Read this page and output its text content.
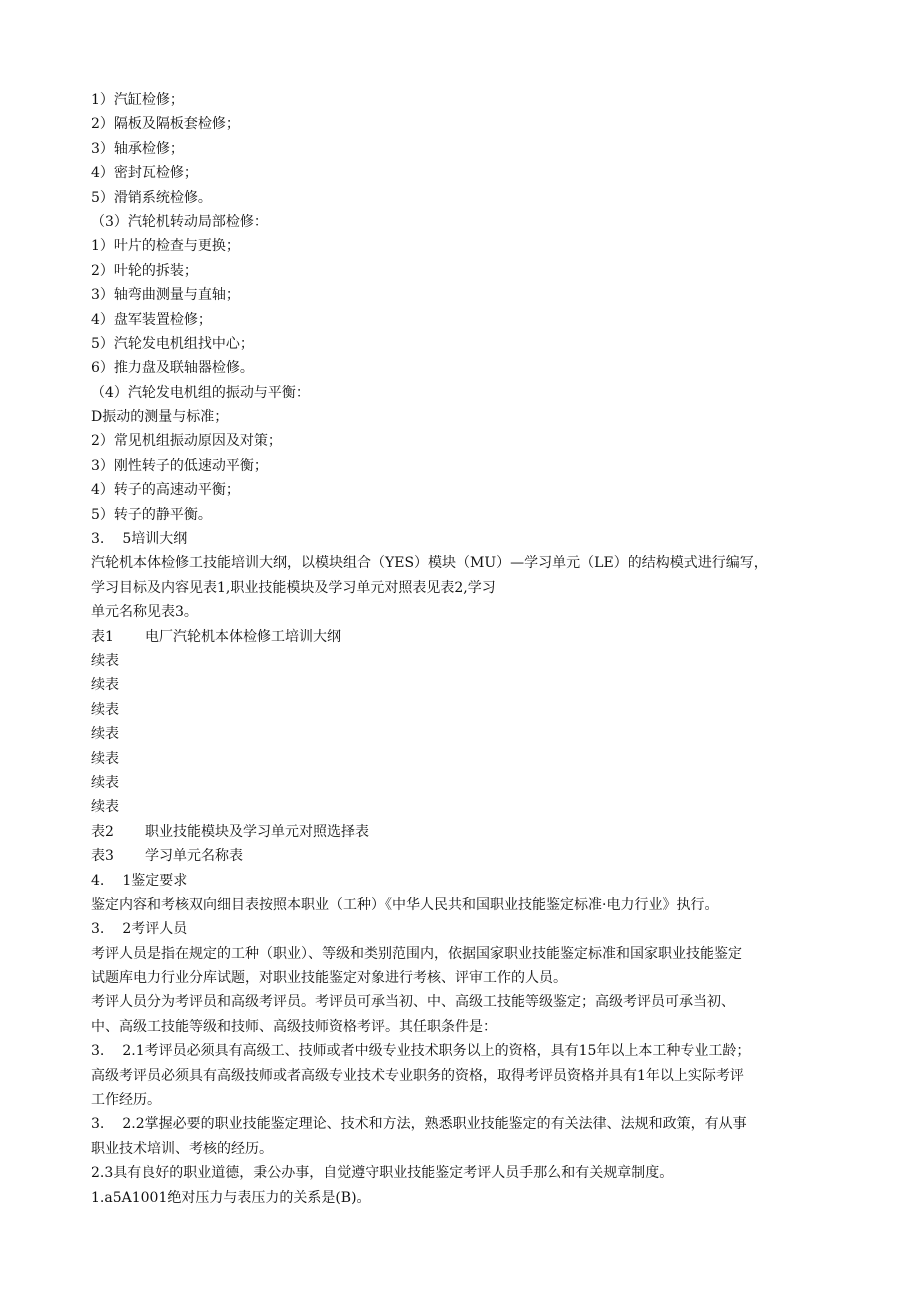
1）汽缸检修；
2）隔板及隔板套检修；
3）轴承检修；
4）密封瓦检修；
5）滑销系统检修。
（3）汽轮机转动局部检修：
1）叶片的检查与更换；
2）叶轮的拆装；
3）轴弯曲测量与直轴；
4）盘军装置检修；
5）汽轮发电机组找中心；
6）推力盘及联轴器检修。
（4）汽轮发电机组的振动与平衡：
D振动的测量与标准；
2）常见机组振动原因及对策；
3）刚性转子的低速动平衡；
4）转子的高速动平衡；
5）转子的静平衡。
3. 5培训大纲
汽轮机本体检修工技能培训大纲，以模块组合（YES）模块（MU）—学习单元（LE）的结构模式进行编写，
学习目标及内容见表1,职业技能模块及学习单元对照表见表2,学习
单元名称见表3。
表1 电厂汽轮机本体检修工培训大纲
续表
续表
续表
续表
续表
续表
续表
表2 职业技能模块及学习单元对照选择表
表3 学习单元名称表
4. 1鉴定要求
鉴定内容和考核双向细目表按照本职业（工种）《中华人民共和国职业技能鉴定标准·电力行业》执行。
3. 2考评人员
考评人员是指在规定的工种（职业）、等级和类别范围内，依据国家职业技能鉴定标准和国家职业技能鉴定
试题库电力行业分库试题，对职业技能鉴定对象进行考核、评审工作的人员。
考评人员分为考评员和高级考评员。考评员可承当初、中、高级工技能等级鉴定；高级考评员可承当初、
中、高级工技能等级和技师、高级技师资格考评。其任职条件是：
3. 2.1考评员必须具有高级工、技师或者中级专业技术职务以上的资格，具有15年以上本工种专业工龄；
高级考评员必须具有高级技师或者高级专业技术专业职务的资格，取得考评员资格并具有1年以上实际考评
工作经历。
3. 2.2掌握必要的职业技能鉴定理论、技术和方法，熟悉职业技能鉴定的有关法律、法规和政策，有从事
职业技术培训、考核的经历。
2.3具有良好的职业道德，秉公办事，自觉遵守职业技能鉴定考评人员手那么和有关规章制度。
1.a5A1001绝对压力与表压力的关系是(B)。
